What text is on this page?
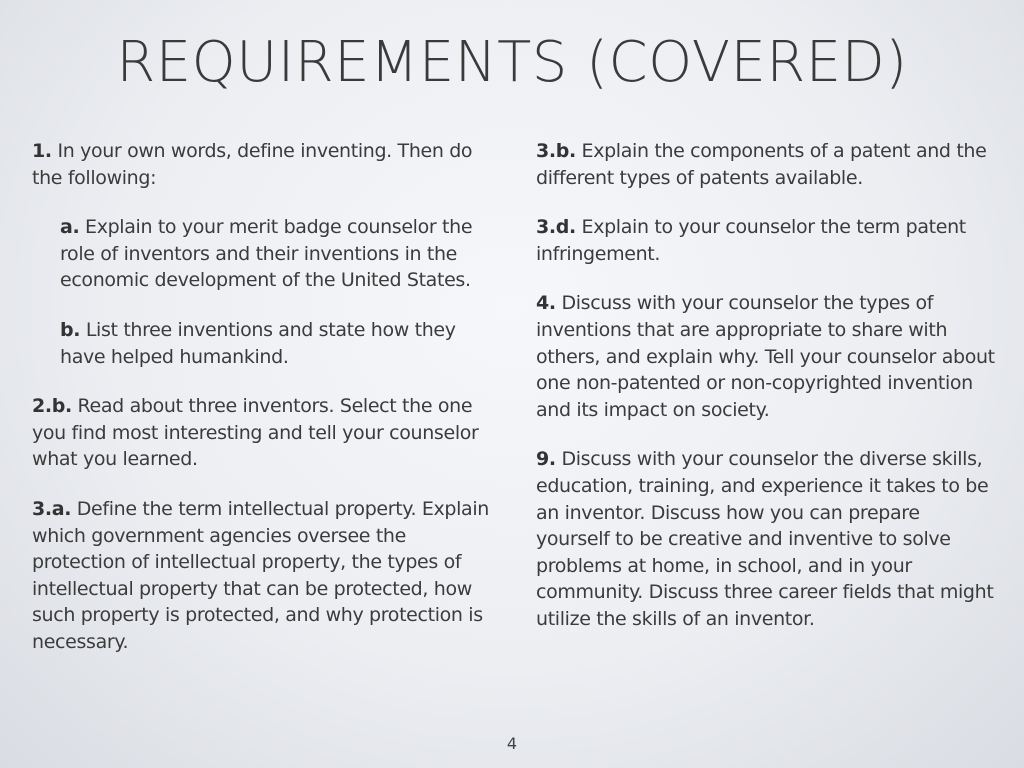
REQUIREMENTS (COVERED)

1. In your own words, define inventing. Then do the following:

a. Explain to your merit badge counselor the role of inventors and their inventions in the economic development of the United States.

b. List three inventions and state how they have helped humankind.

2.b. Read about three inventors. Select the one you find most interesting and tell your counselor what you learned.

3.a. Define the term intellectual property. Explain which government agencies oversee the protection of intellectual property, the types of intellectual property that can be protected, how such property is protected, and why protection is necessary.

3.b. Explain the components of a patent and the different types of patents available.

3.d. Explain to your counselor the term patent infringement.

4. Discuss with your counselor the types of inventions that are appropriate to share with others, and explain why. Tell your counselor about one non-patented or non-copyrighted invention and its impact on society.

9. Discuss with your counselor the diverse skills, education, training, and experience it takes to be an inventor. Discuss how you can prepare yourself to be creative and inventive to solve problems at home, in school, and in your community. Discuss three career fields that might utilize the skills of an inventor.

4
